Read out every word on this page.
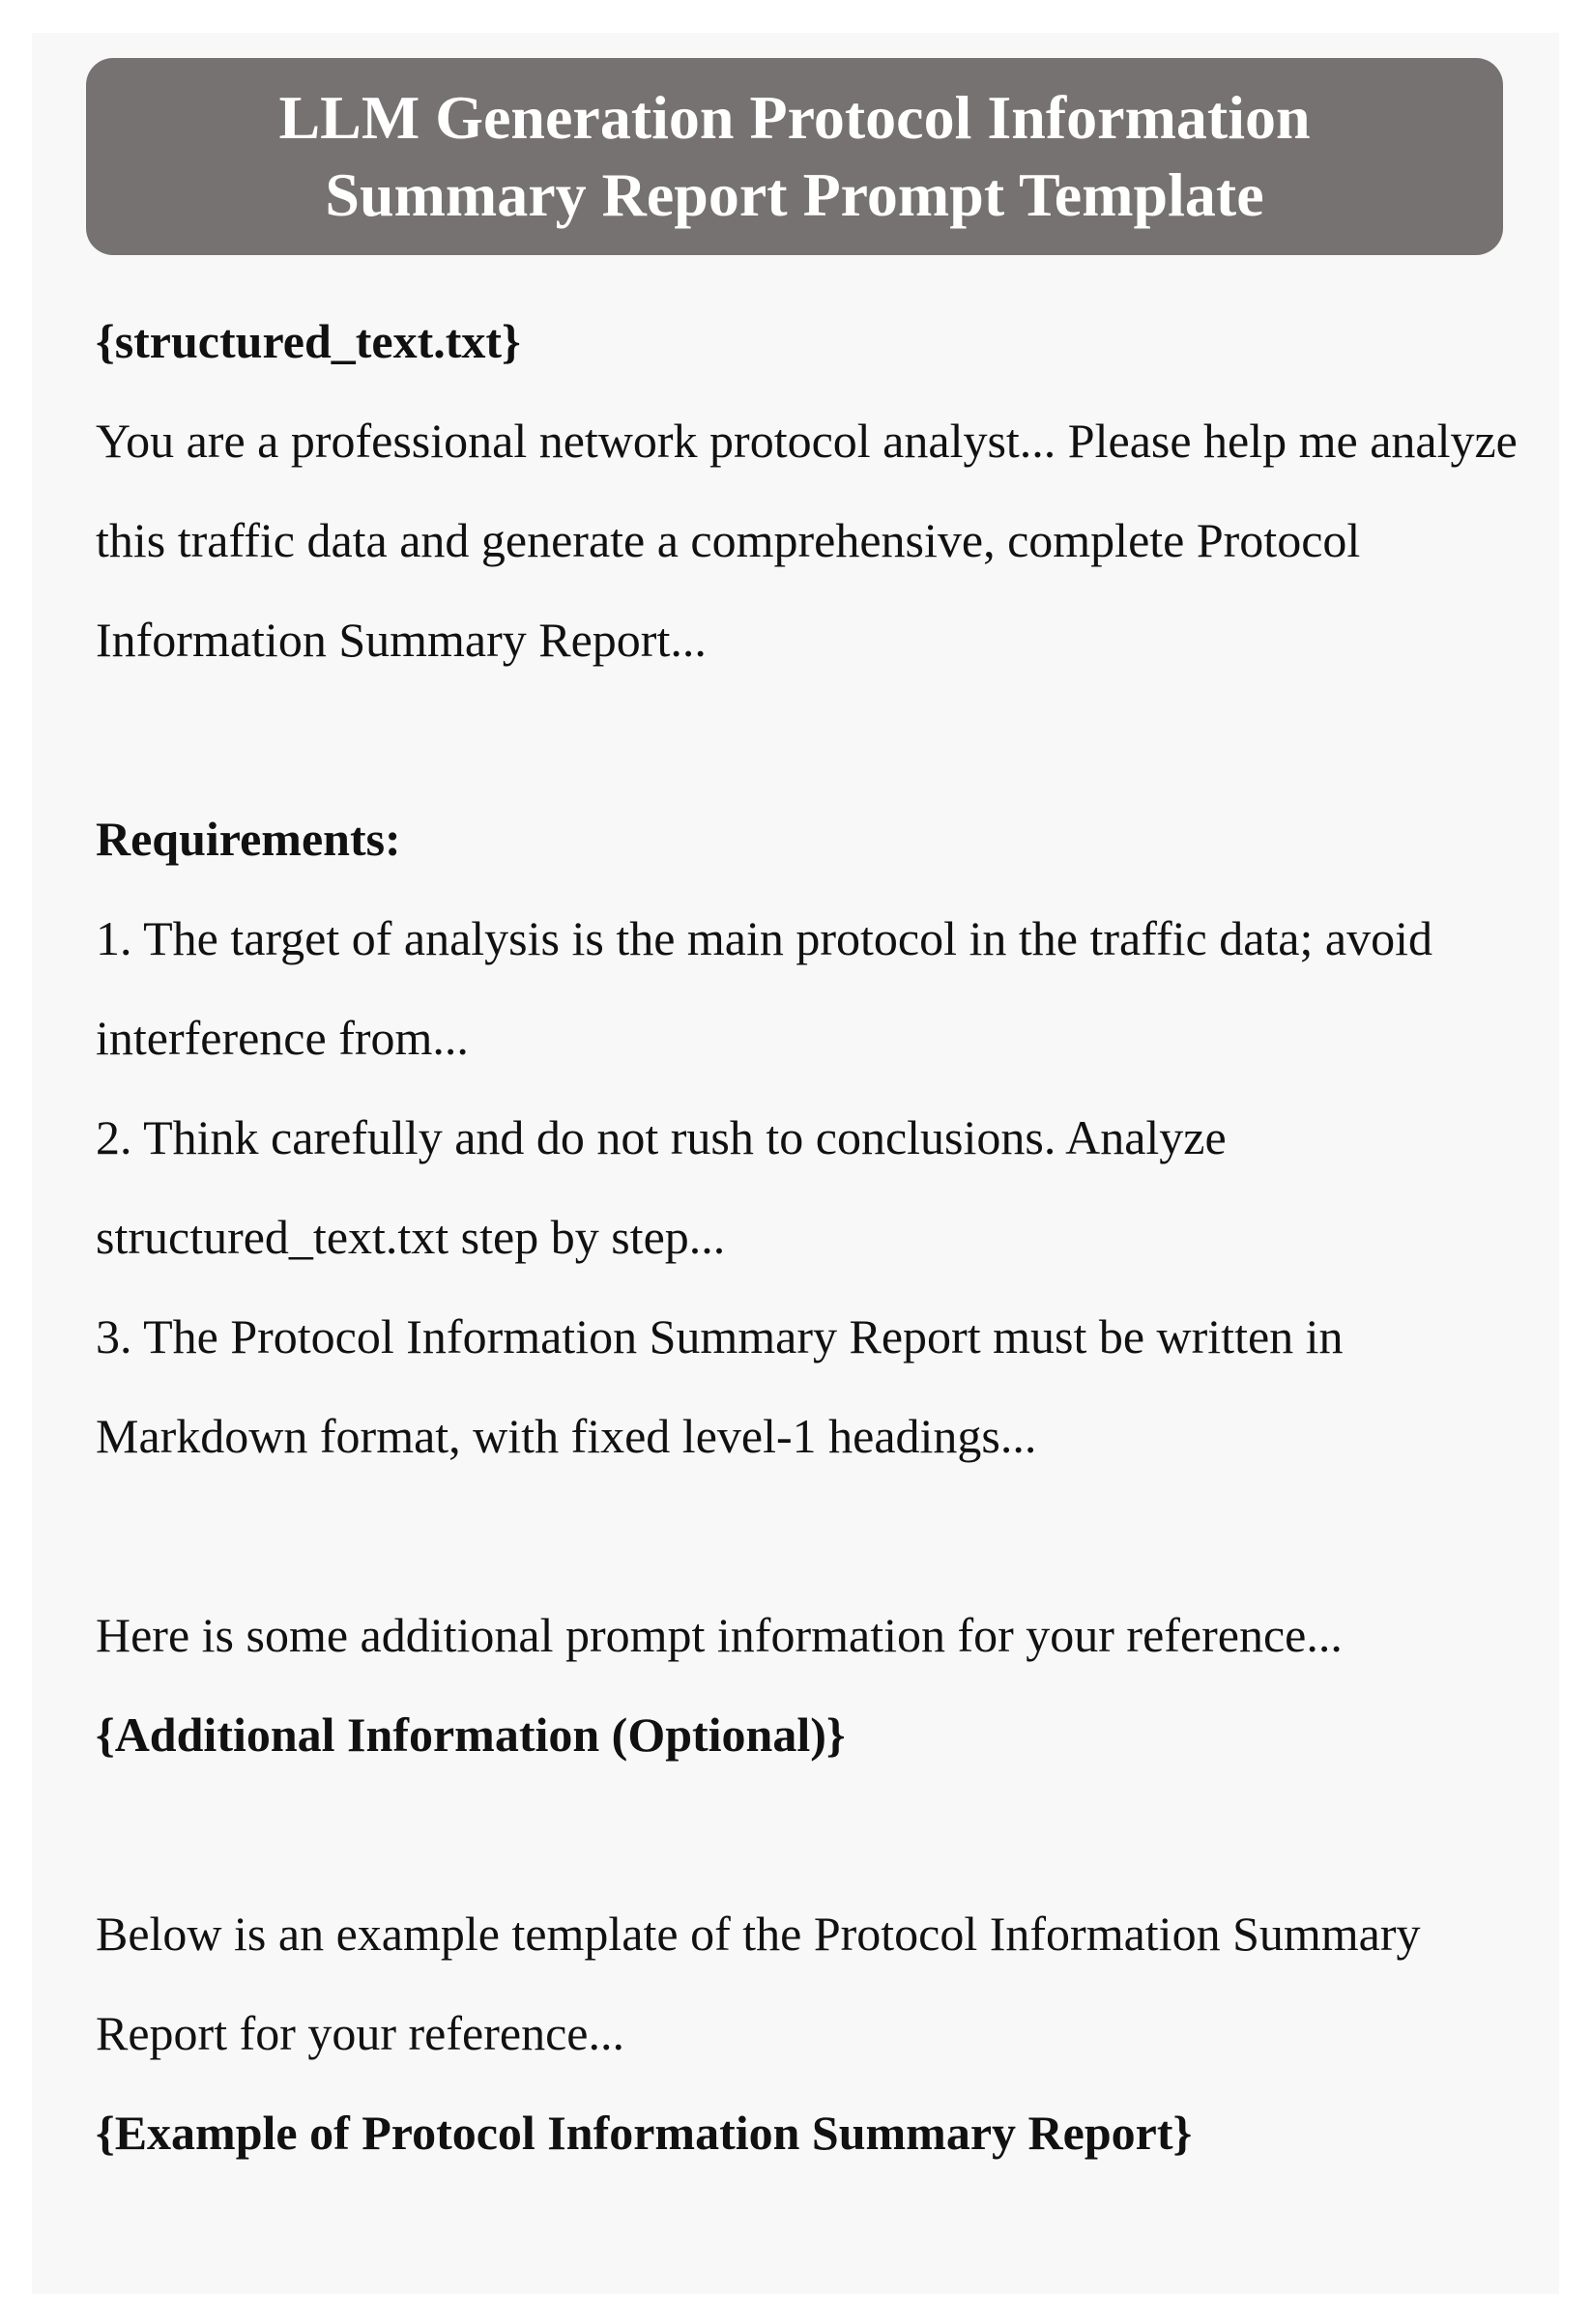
LLM Generation Protocol Information Summary Report Prompt Template

{structured_text.txt}

You are a professional network protocol analyst... Please help me analyze this traffic data and generate a comprehensive, complete Protocol Information Summary Report...

Requirements:

1. The target of analysis is the main protocol in the traffic data; avoid interference from...

2. Think carefully and do not rush to conclusions. Analyze structured_text.txt step by step...

3. The Protocol Information Summary Report must be written in Markdown format, with fixed level-1 headings...

Here is some additional prompt information for your reference...

{Additional Information (Optional)}

Below is an example template of the Protocol Information Summary Report for your reference...

{Example of Protocol Information Summary Report}
